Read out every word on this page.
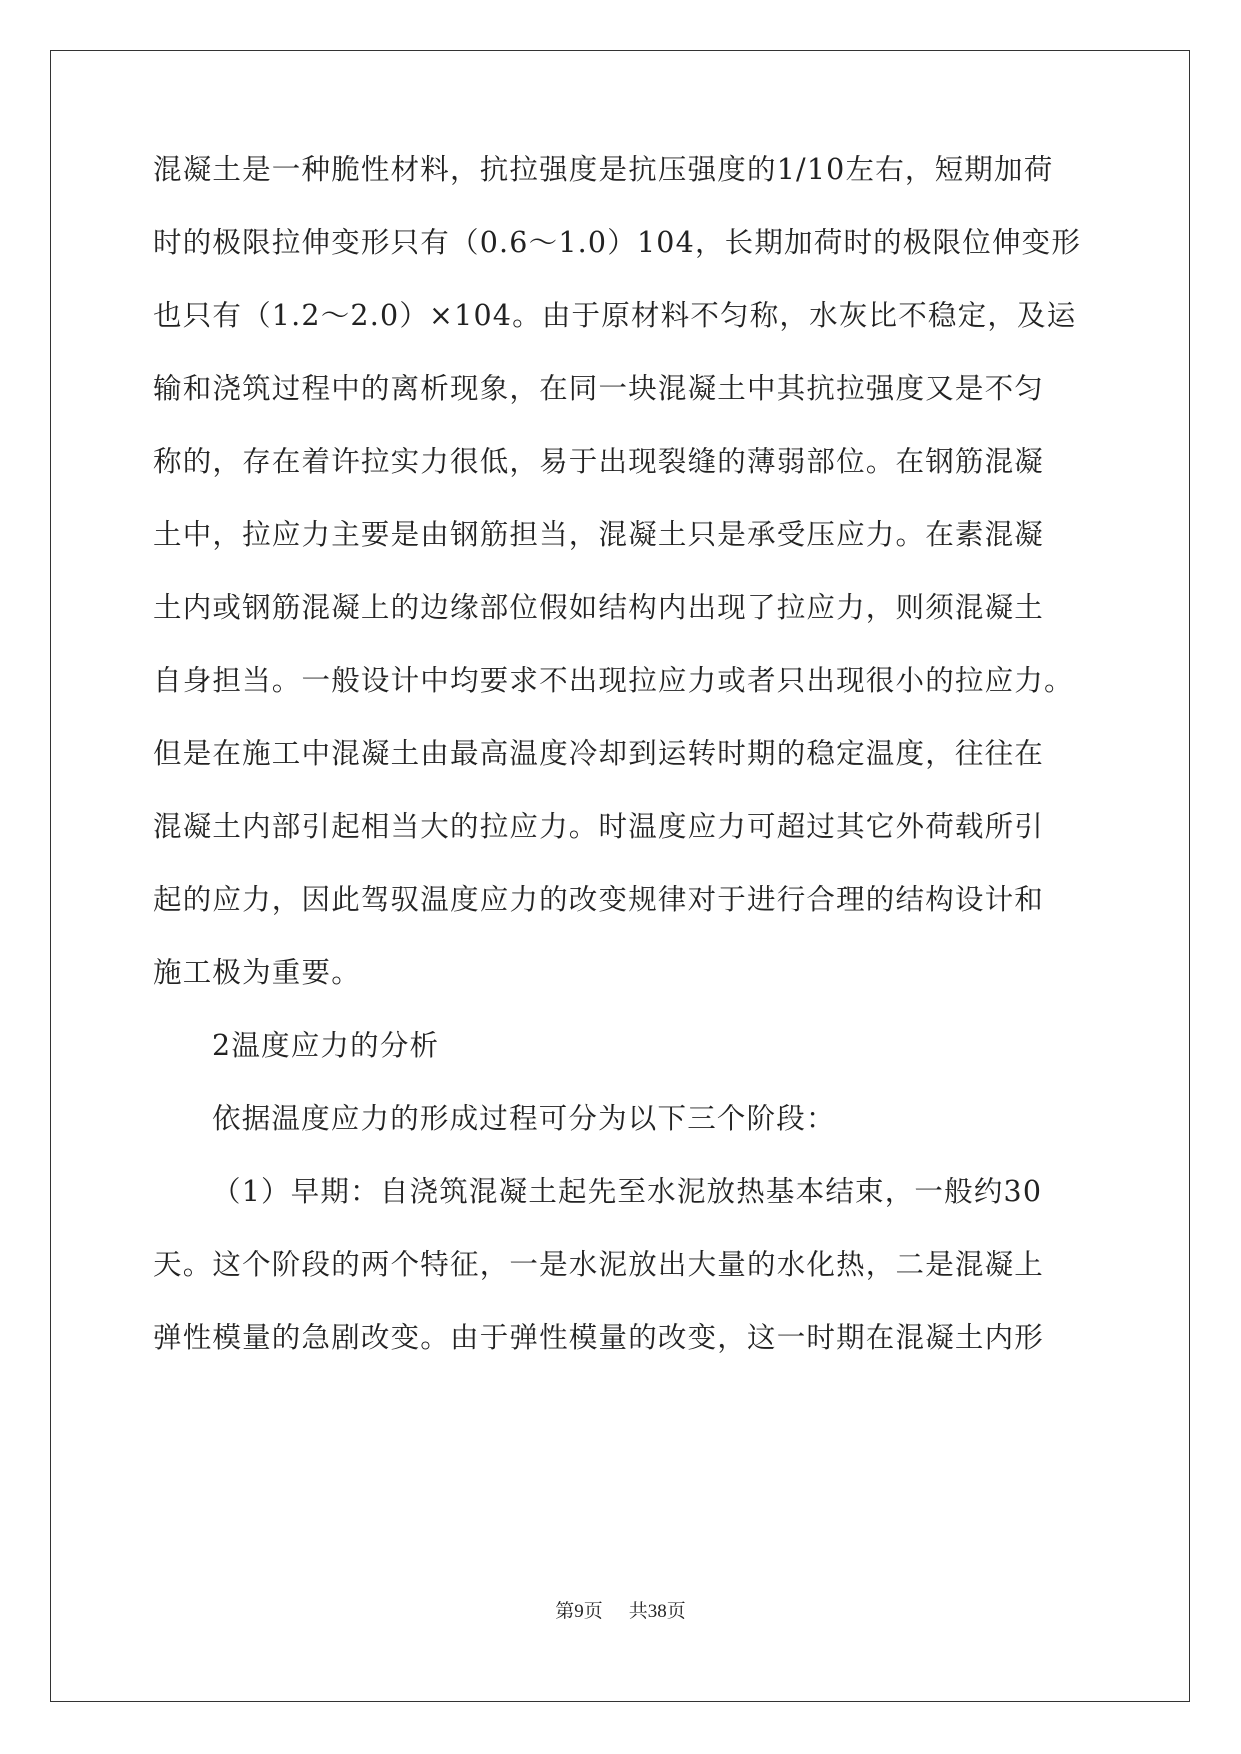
混凝土是一种脆性材料，抗拉强度是抗压强度的1/10左右，短期加荷
时的极限拉伸变形只有（0.6～1.0）104，长期加荷时的极限位伸变形
也只有（1.2～2.0）×104。由于原材料不匀称，水灰比不稳定，及运
输和浇筑过程中的离析现象，在同一块混凝土中其抗拉强度又是不匀
称的，存在着许拉实力很低，易于出现裂缝的薄弱部位。在钢筋混凝
土中，拉应力主要是由钢筋担当，混凝土只是承受压应力。在素混凝
土内或钢筋混凝上的边缘部位假如结构内出现了拉应力，则须混凝土
自身担当。一般设计中均要求不出现拉应力或者只出现很小的拉应力。
但是在施工中混凝土由最高温度冷却到运转时期的稳定温度，往往在
混凝土内部引起相当大的拉应力。时温度应力可超过其它外荷载所引
起的应力，因此驾驭温度应力的改变规律对于进行合理的结构设计和
施工极为重要。
2温度应力的分析
依据温度应力的形成过程可分为以下三个阶段：
（1）早期：自浇筑混凝土起先至水泥放热基本结束，一般约30
天。这个阶段的两个特征，一是水泥放出大量的水化热，二是混凝上
弹性模量的急剧改变。由于弹性模量的改变，这一时期在混凝土内形
第9页 共38页
